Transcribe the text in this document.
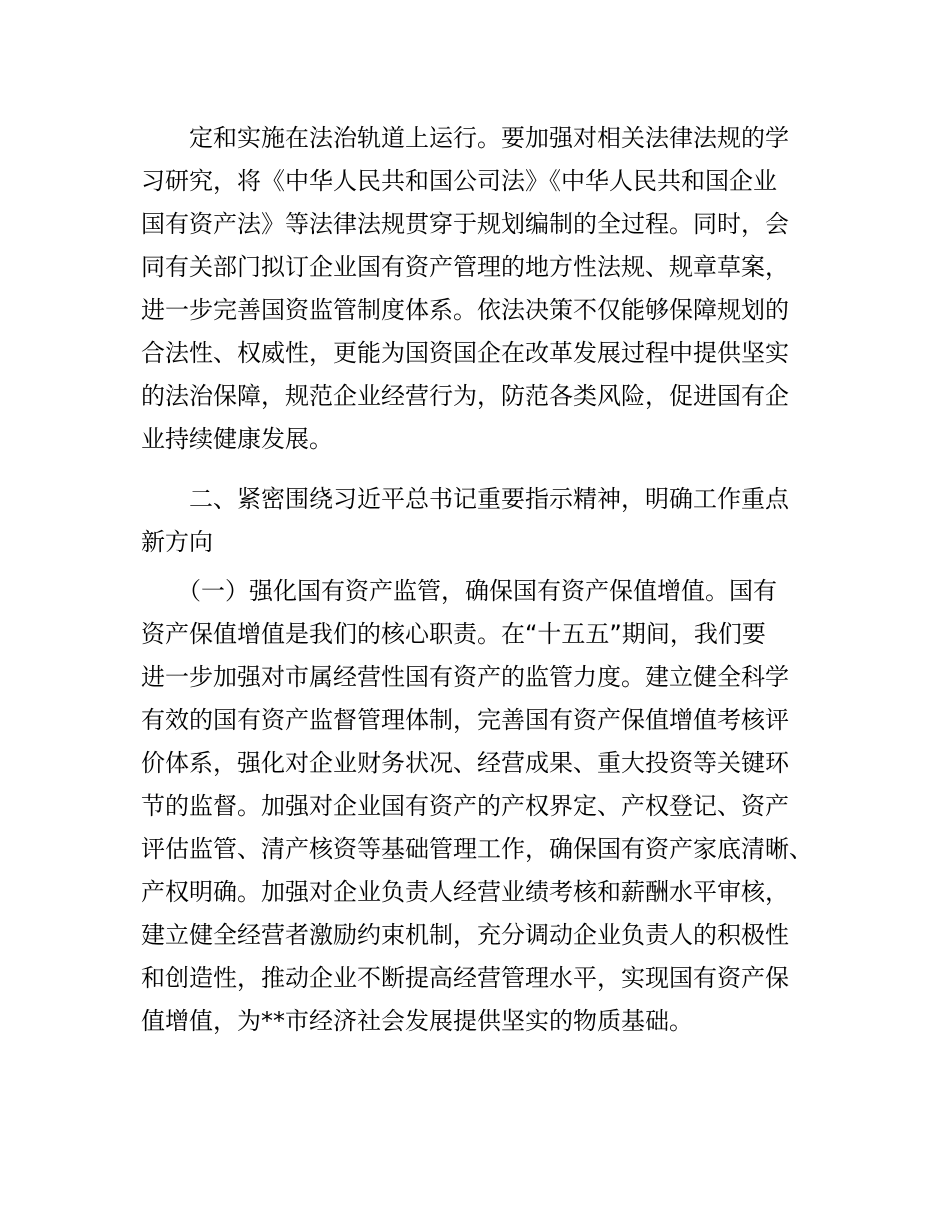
定和实施在法治轨道上运行。要加强对相关法律法规的学
习研究，将《中华人民共和国公司法》《中华人民共和国企业
国有资产法》等法律法规贯穿于规划编制的全过程。同时，会
同有关部门拟订企业国有资产管理的地方性法规、规章草案，
进一步完善国资监管制度体系。依法决策不仅能够保障规划的
合法性、权威性，更能为国资国企在改革发展过程中提供坚实
的法治保障，规范企业经营行为，防范各类风险，促进国有企
业持续健康发展。
二、紧密围绕习近平总书记重要指示精神，明确工作重点
新方向
（一）强化国有资产监管，确保国有资产保值增值。国有
资产保值增值是我们的核心职责。在“十五五”期间，我们要
进一步加强对市属经营性国有资产的监管力度。建立健全科学
有效的国有资产监督管理体制，完善国有资产保值增值考核评
价体系，强化对企业财务状况、经营成果、重大投资等关键环
节的监督。加强对企业国有资产的产权界定、产权登记、资产
评估监管、清产核资等基础管理工作，确保国有资产家底清晰、
产权明确。加强对企业负责人经营业绩考核和薪酬水平审核，
建立健全经营者激励约束机制，充分调动企业负责人的积极性
和创造性，推动企业不断提高经营管理水平，实现国有资产保
值增值，为**市经济社会发展提供坚实的物质基础。
